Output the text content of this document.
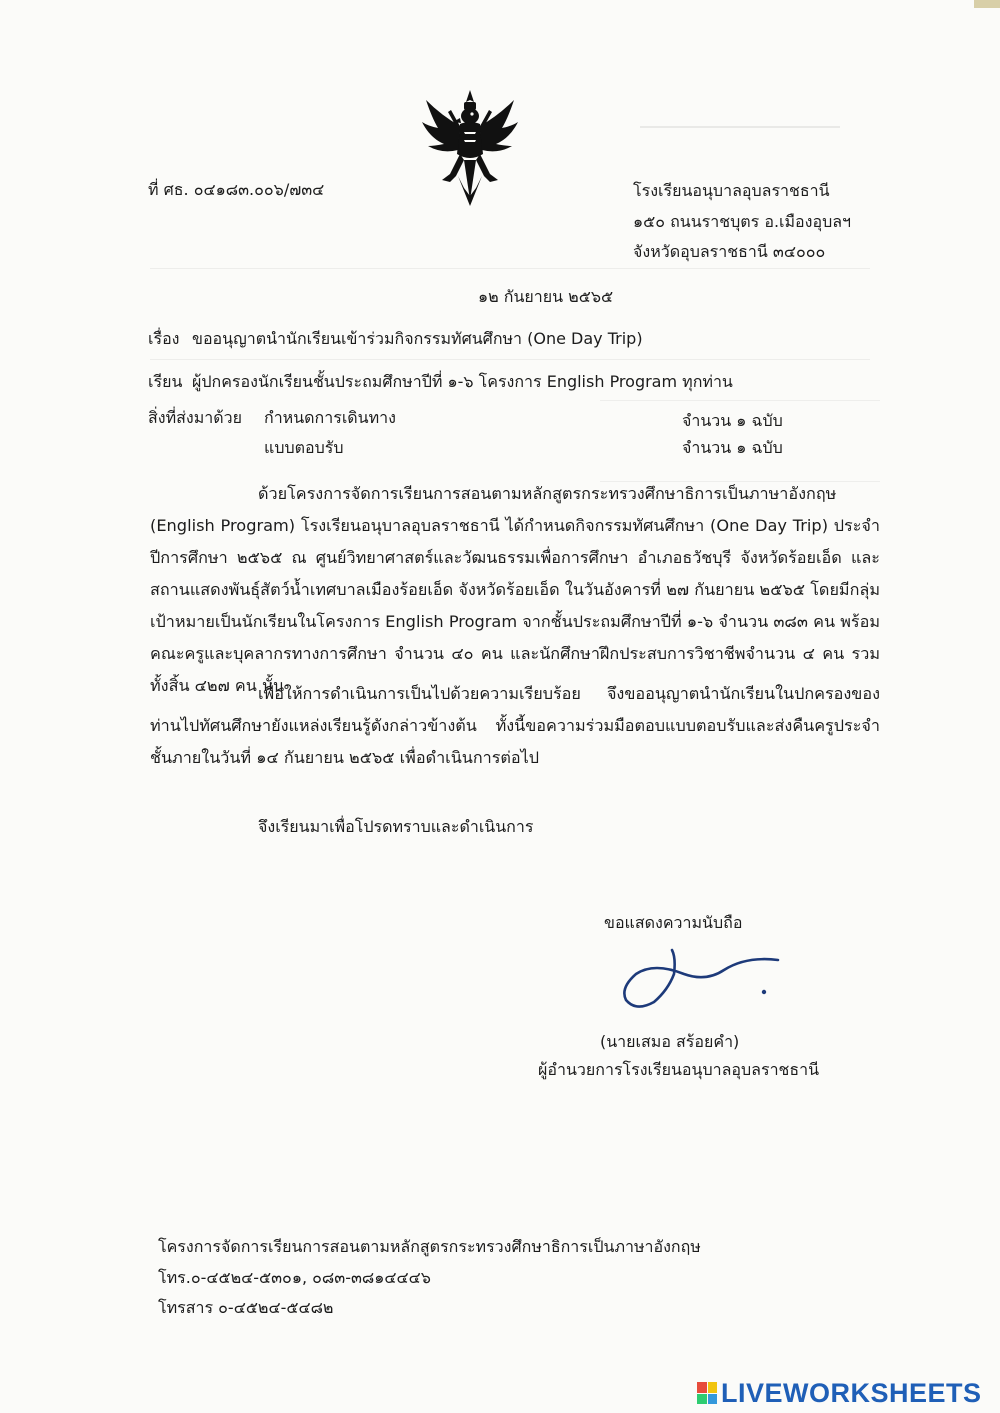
ที่ ศธ. ๐๔๑๘๓.๐๐๖/๗๓๔	โรงเรียนอนุบาลอุบลราชธานี
๑๕๐ ถนนราชบุตร อ.เมืองอุบลฯ
จังหวัดอุบลราชธานี ๓๔๐๐๐
๑๒ กันยายน ๒๕๖๕
เรื่อง ขออนุญาตนำนักเรียนเข้าร่วมกิจกรรมทัศนศึกษา (One Day Trip)
เรียน ผู้ปกครองนักเรียนชั้นประถมศึกษาปีที่ ๑-๖ โครงการ English Program ทุกท่าน
สิ่งที่ส่งมาด้วย กำหนดการเดินทาง	จำนวน ๑ ฉบับ
แบบตอบรับ	จำนวน ๑ ฉบับ
ด้วยโครงการจัดการเรียนการสอนตามหลักสูตรกระทรวงศึกษาธิการเป็นภาษาอังกฤษ (English Program) โรงเรียนอนุบาลอุบลราชธานี ได้กำหนดกิจกรรมทัศนศึกษา (One Day Trip) ประจำปีการศึกษา ๒๕๖๕ ณ ศูนย์วิทยาศาสตร์และวัฒนธรรมเพื่อการศึกษา อำเภอธวัชบุรี จังหวัดร้อยเอ็ด และสถานแสดงพันธุ์สัตว์น้ำเทศบาลเมืองร้อยเอ็ด จังหวัดร้อยเอ็ด ในวันอังคารที่ ๒๗ กันยายน ๒๕๖๕ โดยมีกลุ่มเป้าหมายเป็นนักเรียนในโครงการ English Program จากชั้นประถมศึกษาปีที่ ๑-๖ จำนวน ๓๘๓ คน พร้อมคณะครูและบุคลากรทางการศึกษา จำนวน ๔๐ คน และนักศึกษาฝึกประสบการวิชาชีพจำนวน ๔ คน รวมทั้งสิ้น ๔๒๗ คน นั้น
เพื่อให้การดำเนินการเป็นไปด้วยความเรียบร้อย จึงขออนุญาตนำนักเรียนในปกครองของท่านไปทัศนศึกษายังแหล่งเรียนรู้ดังกล่าวข้างต้น ทั้งนี้ขอความร่วมมือตอบแบบตอบรับและส่งคืนครูประจำชั้นภายในวันที่ ๑๔ กันยายน ๒๕๖๕ เพื่อดำเนินการต่อไป
จึงเรียนมาเพื่อโปรดทราบและดำเนินการ
ขอแสดงความนับถือ
(นายเสมอ สร้อยคำ)
ผู้อำนวยการโรงเรียนอนุบาลอุบลราชธานี
โครงการจัดการเรียนการสอนตามหลักสูตรกระทรวงศึกษาธิการเป็นภาษาอังกฤษ
โทร.๐-๔๕๒๔-๕๓๐๑, ๐๘๓-๓๘๑๔๔๔๖
โทรสาร ๐-๔๕๒๔-๕๔๘๒
LIVEWORKSHEETS
